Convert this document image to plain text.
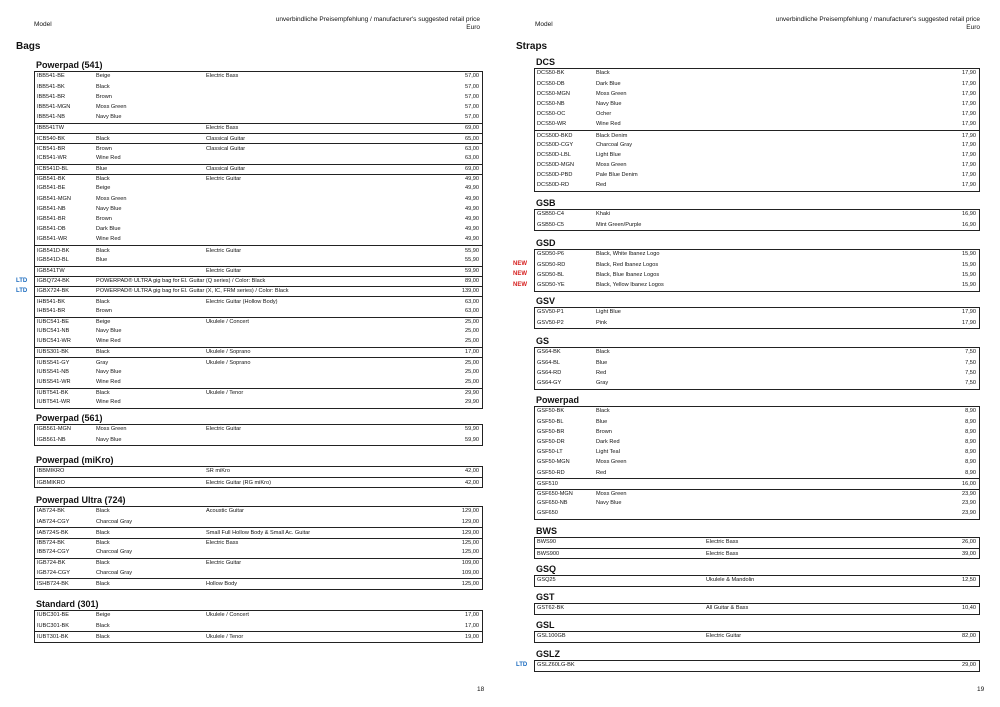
Model
unverbindliche Preisempfehlung / manufacturer's suggested retail price
Euro
Bags
Powerpad (541)
IBB541-BE	Beige	Electric Bass	57,00
IBB541-BK	Black	57,00
IBB541-BR	Brown	57,00
IBB541-MGN	Moss Green	57,00
IBB541-NB	Navy Blue	57,00
IBB541TW	Electric Bass	69,00
ICB540-BK	Black	Classical Guitar	65,00
ICB541-BR	Brown	Classical Guitar	63,00
ICB541-WR	Wine Red	63,00
ICB541D-BL	Blue	Classical Guitar	69,00
IGB541-BK	Black	Electric Guitar	49,90
IGB541-BE	Beige	49,90
IGB541-MGN	Moss Green	49,90
IGB541-NB	Navy Blue	49,90
IGB541-BR	Brown	49,90
IGB541-DB	Dark Blue	49,90
IGB541-WR	Wine Red	49,90
IGB541D-BK	Black	Electric Guitar	55,90
IGB541D-BL	Blue	55,90
IGB541TW	Electric Guitar	59,90
IGBQ724-BK	POWERPAD® ULTRA gig bag for El. Guitar (Q series) / Color: Black	89,00
LTD
IGBX724-BK	POWERPAD® ULTRA gig bag for El. Guitar (X, IC, FRM series) / Color: Black	139,00
LTD
IHB541-BK	Black	Electric Guitar (Hollow Body)	63,00
IHB541-BR	Brown	63,00
IUBC541-BE	Beige	Ukulele / Concert	25,00
IUBC541-NB	Navy Blue	25,00
IUBC541-WR	Wine Red	25,00
IUBS301-BK	Black	Ukulele / Soprano	17,00
IUBS541-GY	Gray	Ukulele / Soprano	25,00
IUBS541-NB	Navy Blue	25,00
IUBS541-WR	Wine Red	25,00
IUBT541-BK	Black	Ukulele / Tenor	29,90
IUBT541-WR	Wine Red	29,90
Powerpad (561)
IGB561-MGN	Moss Green	Electric Guitar	59,90
IGB561-NB	Navy Blue	59,90
Powerpad (miKro)
IBBMIKRO	SR miKro	42,00
IGBMIKRO	Electric Guitar (RG miKro)	42,00
Powerpad Ultra (724)
IAB724-BK	Black	Acoustic Guitar	129,00
IAB724-CGY	Charcoal Gray	129,00
IAB724S-BK	Black	Small Full Hollow Body & Small Ac. Guitar	129,00
IBB724-BK	Black	Electric Bass	125,00
IBB724-CGY	Charcoal Gray	125,00
IGB724-BK	Black	Electric Guitar	109,00
IGB724-CGY	Charcoal Gray	109,00
ISHB724-BK	Black	Hollow Body	125,00
Standard (301)
IUBC301-BE	Beige	Ukulele / Concert	17,00
IUBC301-BK	Black	17,00
IUBT301-BK	Black	Ukulele / Tenor	19,00
18
Model
unverbindliche Preisempfehlung / manufacturer's suggested retail price
Euro
Straps
DCS
DCS50-BK	Black	17,90
DCS50-DB	Dark Blue	17,90
DCS50-MGN	Moss Green	17,90
DCS50-NB	Navy Blue	17,90
DCS50-OC	Ocher	17,90
DCS50-WR	Wine Red	17,90
DCS50D-BKD	Black Denim	17,90
DCS50D-CGY	Charcoal Gray	17,90
DCS50D-LBL	Light Blue	17,90
DCS50D-MGN	Moss Green	17,90
DCS50D-PBD	Pale Blue Denim	17,90
DCS50D-RD	Red	17,90
GSB
GSB50-C4	Khaki	16,90
GSB50-C5	Mint Green/Purple	16,90
GSD
GSD50-P6	Black, White Ibanez Logo	15,90
GSD50-RD	Black, Red Ibanez Logos	15,90
NEW
GSD50-BL	Black, Blue Ibanez Logos	15,90
NEW
GSD50-YE	Black, Yellow Ibanez Logos	15,90
NEW
GSV
GSV50-P1	Light Blue	17,90
GSV50-P2	Pink	17,90
GS
GS64-BK	Black	7,50
GS64-BL	Blue	7,50
GS64-RD	Red	7,50
GS64-GY	Gray	7,50
Powerpad
GSF50-BK	Black	8,90
GSF50-BL	Blue	8,90
GSF50-BR	Brown	8,90
GSF50-DR	Dark Red	8,90
GSF50-LT	Light Teal	8,90
GSF50-MGN	Moss Green	8,90
GSF50-RD	Red	8,90
GSF510	16,00
GSF650-MGN	Moss Green	23,90
GSF650-NB	Navy Blue	23,90
GSF650	23,90
BWS
BWS90	Electric Bass	26,00
BWS900	Electric Bass	39,00
GSQ
GSQ25	Ukulele & Mandolin	12,50
GST
GST62-BK	All Guitar & Bass	10,40
GSL
GSL100GB	Electric Guitar	82,00
GSLZ
GSLZ60LG-BK	29,00
LTD
19
